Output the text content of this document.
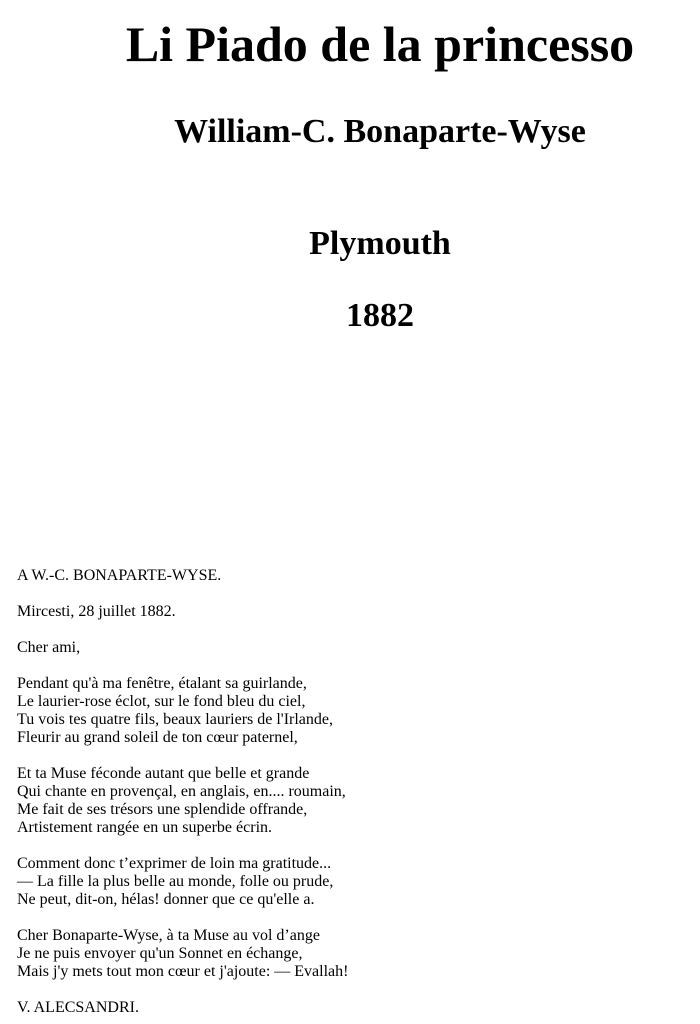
Li Piado de la princesso
William-C. Bonaparte-Wyse
Plymouth
1882

A W.-C. BONAPARTE-WYSE.

Mircesti, 28 juillet 1882.

Cher ami,

Pendant qu'à ma fenêtre, étalant sa guirlande,
Le laurier-rose éclot, sur le fond bleu du ciel,
Tu vois tes quatre fils, beaux lauriers de l'Irlande,
Fleurir au grand soleil de ton cœur paternel,
Et ta Muse féconde autant que belle et grande
Qui chante en provençal, en anglais, en.... roumain,
Me fait de ses trésors une splendide offrande,
Artistement rangée en un superbe écrin.
Comment donc t’exprimer de loin ma gratitude...
— La fille la plus belle au monde, folle ou prude,
Ne peut, dit-on, hélas! donner que ce qu'elle a.
Cher Bonaparte-Wyse, à ta Muse au vol d’ange
Je ne puis envoyer qu'un Sonnet en échange,
Mais j'y mets tout mon cœur et j'ajoute: — Evallah!

V. ALECSANDRI.
